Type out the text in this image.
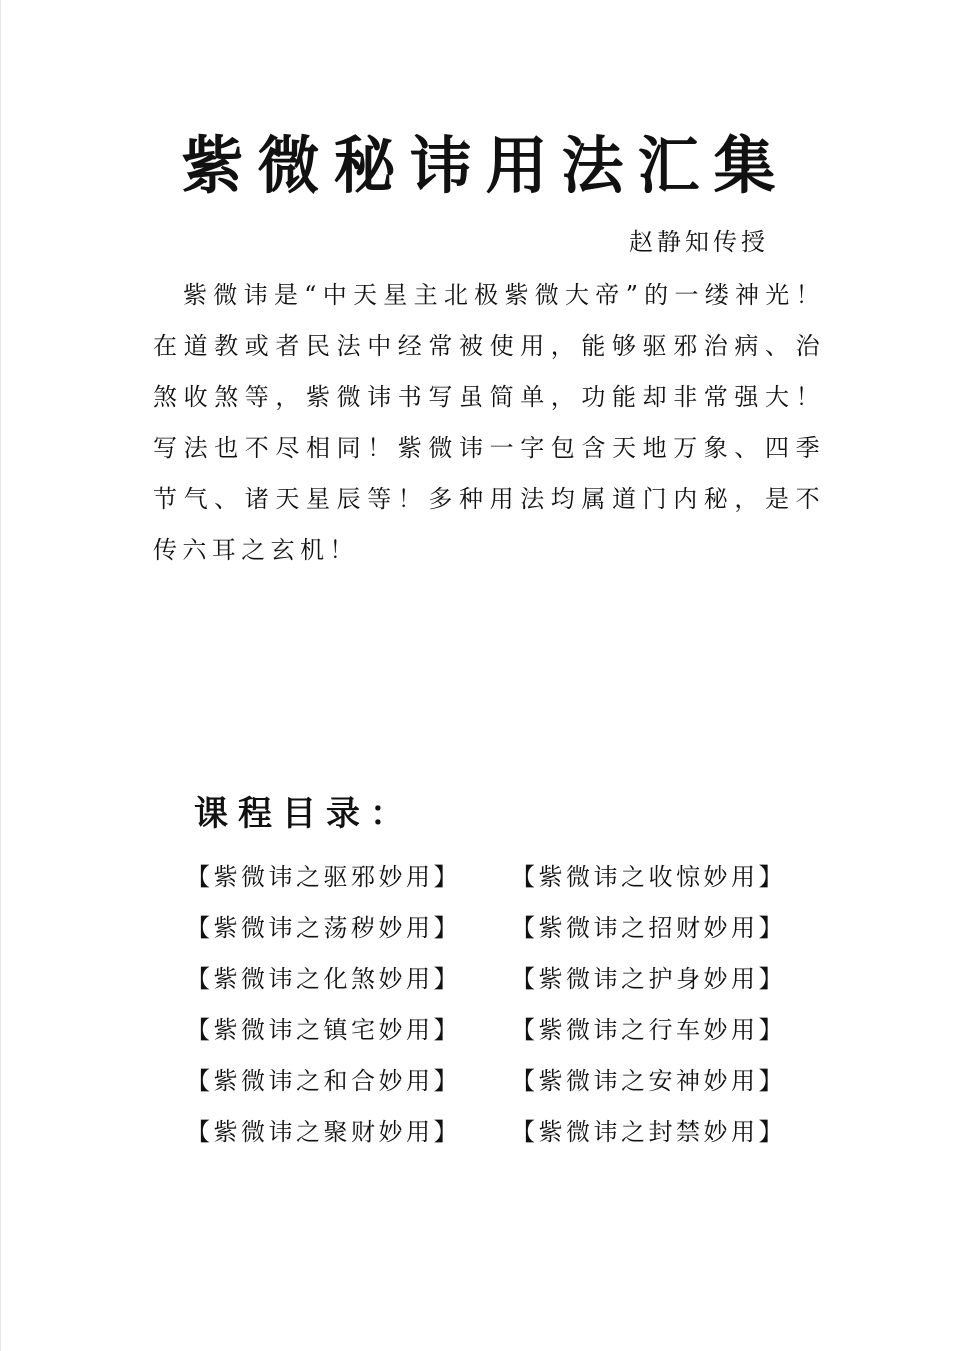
紫微秘讳用法汇集
赵静知传授

紫微讳是“中天星主北极紫微大帝”的一缕神光！在道教或者民法中经常被使用，能够驱邪治病、治煞收煞等，紫微讳书写虽简单，功能却非常强大！写法也不尽相同！紫微讳一字包含天地万象、四季节气、诸天星辰等！多种用法均属道门内秘，是不传六耳之玄机！

课程目录：
【紫微讳之驱邪妙用】	【紫微讳之收惊妙用】
【紫微讳之荡秽妙用】	【紫微讳之招财妙用】
【紫微讳之化煞妙用】	【紫微讳之护身妙用】
【紫微讳之镇宅妙用】	【紫微讳之行车妙用】
【紫微讳之和合妙用】	【紫微讳之安神妙用】
【紫微讳之聚财妙用】	【紫微讳之封禁妙用】
